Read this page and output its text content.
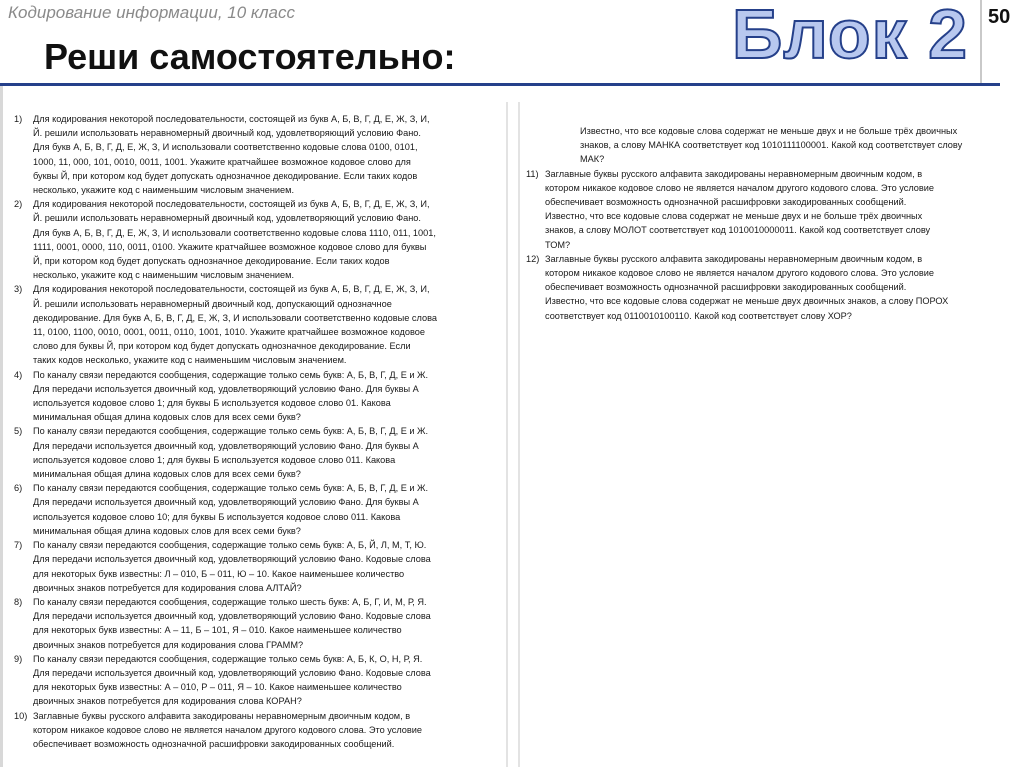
Кодирование информации, 10 класс	50
Блок 2
Реши самостоятельно:
1)	Для кодирования некоторой последовательности, состоящей из букв А, Б, В, Г, Д, Е, Ж, З, И,
Й. решили использовать неравномерный двоичный код, удовлетворяющий условию Фано.
Для букв А, Б, В, Г, Д, Е, Ж, З, И использовали соответственно кодовые слова 0100, 0101,
1000, 11, 000, 101, 0010, 0011, 1001. Укажите кратчайшее возможное кодовое слово для
буквы Й, при котором код будет допускать однозначное декодирование. Если таких кодов
несколько, укажите код с наименьшим числовым значением.
2)	Для кодирования некоторой последовательности, состоящей из букв А, Б, В, Г, Д, Е, Ж, З, И,
Й. решили использовать неравномерный двоичный код, удовлетворяющий условию Фано.
Для букв А, Б, В, Г, Д, Е, Ж, З, И использовали соответственно кодовые слова 1110, 011, 1001,
1111, 0001, 0000, 110, 0011, 0100. Укажите кратчайшее возможное кодовое слово для буквы
Й, при котором код будет допускать однозначное декодирование. Если таких кодов
несколько, укажите код с наименьшим числовым значением.
3)	Для кодирования некоторой последовательности, состоящей из букв А, Б, В, Г, Д, Е, Ж, З, И,
Й. решили использовать неравномерный двоичный код, допускающий однозначное
декодирование. Для букв А, Б, В, Г, Д, Е, Ж, З, И использовали соответственно кодовые слова
11, 0100, 1100, 0010, 0001, 0011, 0110, 1001, 1010. Укажите кратчайшее возможное кодовое
слово для буквы Й, при котором код будет допускать однозначное декодирование. Если
таких кодов несколько, укажите код с наименьшим числовым значением.
4)	По каналу связи передаются сообщения, содержащие только семь букв: А, Б, В, Г, Д, Е и Ж.
Для передачи используется двоичный код, удовлетворяющий условию Фано. Для буквы А
используется кодовое слово 1; для буквы Б используется кодовое слово 01. Какова
минимальная общая длина кодовых слов для всех семи букв?
5)	По каналу связи передаются сообщения, содержащие только семь букв: А, Б, В, Г, Д, Е и Ж.
Для передачи используется двоичный код, удовлетворяющий условию Фано. Для буквы А
используется кодовое слово 1; для буквы Б используется кодовое слово 011. Какова
минимальная общая длина кодовых слов для всех семи букв?
6)	По каналу связи передаются сообщения, содержащие только семь букв: А, Б, В, Г, Д, Е и Ж.
Для передачи используется двоичный код, удовлетворяющий условию Фано. Для буквы А
используется кодовое слово 10; для буквы Б используется кодовое слово 011. Какова
минимальная общая длина кодовых слов для всех семи букв?
7)	По каналу связи передаются сообщения, содержащие только семь букв: А, Б, Й, Л, М, Т, Ю.
Для передачи используется двоичный код, удовлетворяющий условию Фано. Кодовые слова
для некоторых букв известны: Л – 010, Б – 011, Ю – 10. Какое наименьшее количество
двоичных знаков потребуется для кодирования слова АЛТАЙ?
8)	По каналу связи передаются сообщения, содержащие только шесть букв: А, Б, Г, И, М, Р, Я.
Для передачи используется двоичный код, удовлетворяющий условию Фано. Кодовые слова
для некоторых букв известны: А – 11, Б – 101, Я – 010. Какое наименьшее количество
двоичных знаков потребуется для кодирования слова ГРАММ?
9)	По каналу связи передаются сообщения, содержащие только семь букв: А, Б, К, О, Н, Р, Я.
Для передачи используется двоичный код, удовлетворяющий условию Фано. Кодовые слова
для некоторых букв известны: А – 010, Р – 011, Я – 10. Какое наименьшее количество
двоичных знаков потребуется для кодирования слова КОРАН?
10) Заглавные буквы русского алфавита закодированы неравномерным двоичным кодом, в
котором никакое кодовое слово не является началом другого кодового слова. Это условие
обеспечивает возможность однозначной расшифровки закодированных сообщений.
Известно, что все кодовые слова содержат не меньше двух и не больше трёх двоичных
знаков, а слову МАНКА соответствует код 1010111100001. Какой код соответствует слову
МАК?
11) Заглавные буквы русского алфавита закодированы неравномерным двоичным кодом, в
котором никакое кодовое слово не является началом другого кодового слова. Это условие
обеспечивает возможность однозначной расшифровки закодированных сообщений.
Известно, что все кодовые слова содержат не меньше двух и не больше трёх двоичных
знаков, а слову МОЛОТ соответствует код 1010010000011. Какой код соответствует слову
ТОМ?
12) Заглавные буквы русского алфавита закодированы неравномерным двоичным кодом, в
котором никакое кодовое слово не является началом другого кодового слова. Это условие
обеспечивает возможность однозначной расшифровки закодированных сообщений.
Известно, что все кодовые слова содержат не меньше двух двоичных знаков, а слову ПОРОХ
соответствует код 0110010100110. Какой код соответствует слову ХОР?
